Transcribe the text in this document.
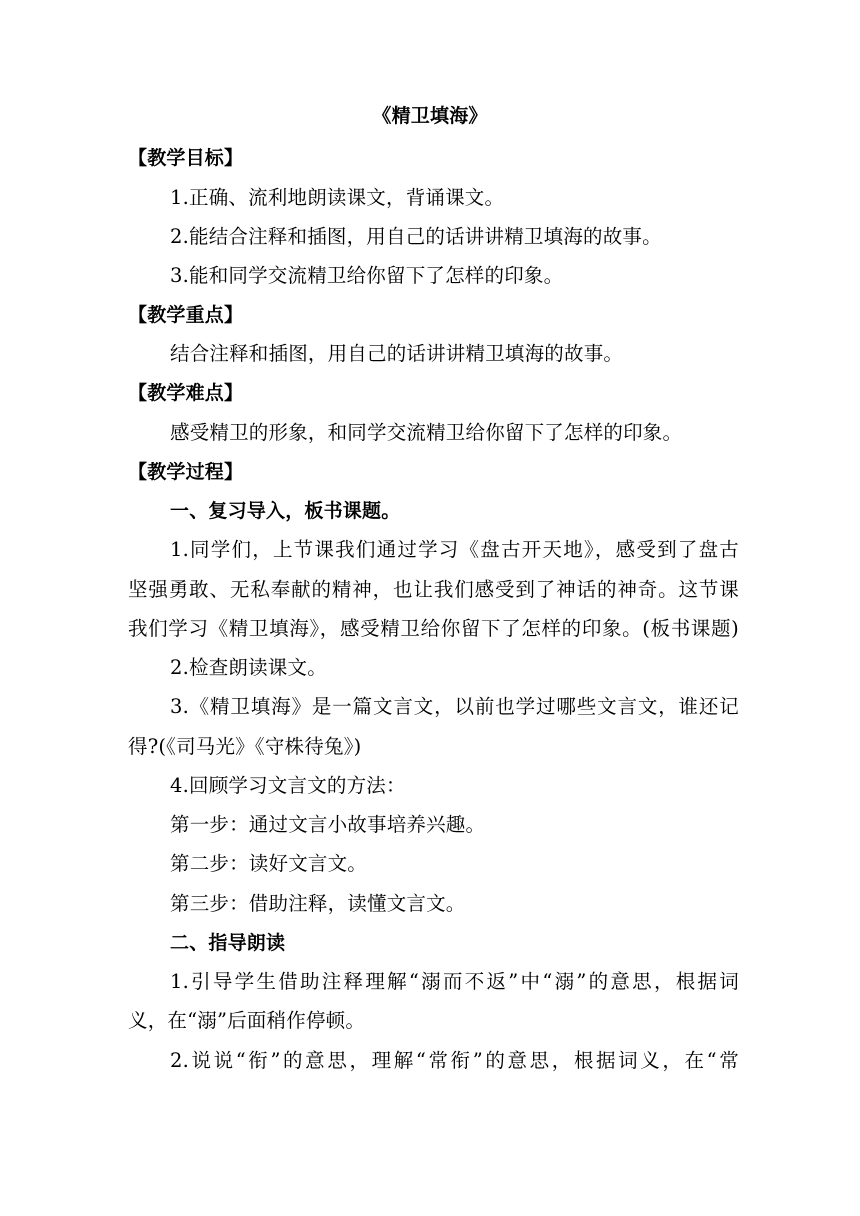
《精卫填海》
【教学目标】
1.正确、流利地朗读课文，背诵课文。
2.能结合注释和插图，用自己的话讲讲精卫填海的故事。
3.能和同学交流精卫给你留下了怎样的印象。
【教学重点】
结合注释和插图，用自己的话讲讲精卫填海的故事。
【教学难点】
感受精卫的形象，和同学交流精卫给你留下了怎样的印象。
【教学过程】
一、复习导入，板书课题。
1.同学们，上节课我们通过学习《盘古开天地》，感受到了盘古
坚强勇敢、无私奉献的精神，也让我们感受到了神话的神奇。这节课
我们学习《精卫填海》，感受精卫给你留下了怎样的印象。(板书课题)
2.检查朗读课文。
3.《精卫填海》是一篇文言文，以前也学过哪些文言文，谁还记
得?(《司马光》《守株待兔》)
4.回顾学习文言文的方法：
第一步：通过文言小故事培养兴趣。
第二步：读好文言文。
第三步：借助注释，读懂文言文。
二、指导朗读
1.引导学生借助注释理解“溺而不返”中“溺”的意思，根据词
义，在“溺”后面稍作停顿。
2.说说“衔”的意思，理解“常衔”的意思，根据词义，在“常
